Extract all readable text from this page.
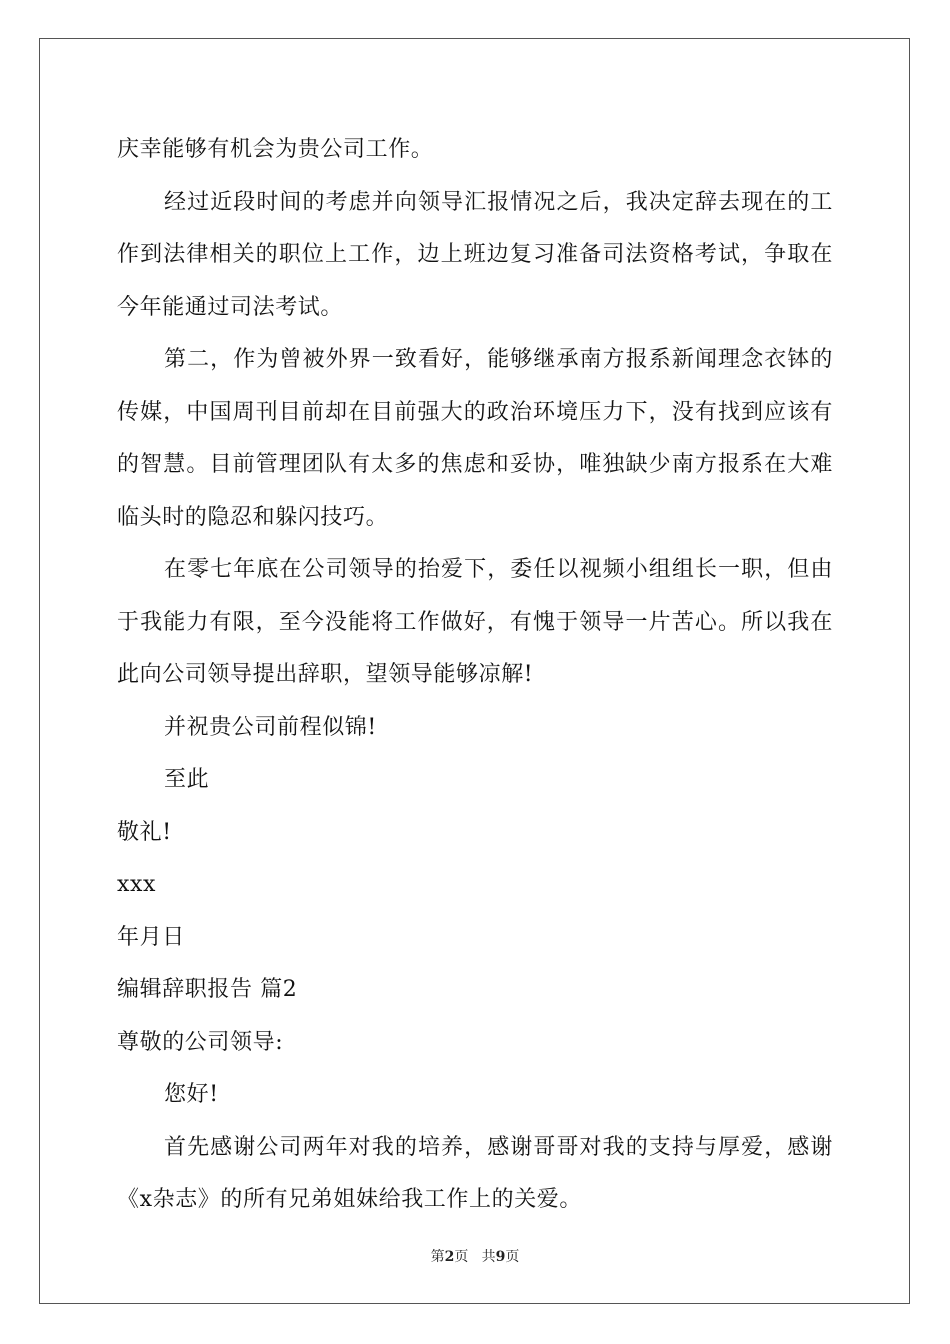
庆幸能够有机会为贵公司工作。

经过近段时间的考虑并向领导汇报情况之后，我决定辞去现在的工作到法律相关的职位上工作，边上班边复习准备司法资格考试，争取在今年能通过司法考试。

第二，作为曾被外界一致看好，能够继承南方报系新闻理念衣钵的传媒，中国周刊目前却在目前强大的政治环境压力下，没有找到应该有的智慧。目前管理团队有太多的焦虑和妥协，唯独缺少南方报系在大难临头时的隐忍和躲闪技巧。

在零七年底在公司领导的抬爱下，委任以视频小组组长一职，但由于我能力有限，至今没能将工作做好，有愧于领导一片苦心。所以我在此向公司领导提出辞职，望领导能够凉解!

并祝贵公司前程似锦!

至此

敬礼!

xxx

年月日

编辑辞职报告 篇2

尊敬的公司领导:

您好!

首先感谢公司两年对我的培养，感谢哥哥对我的支持与厚爱，感谢《x杂志》的所有兄弟姐妹给我工作上的关爱。

第2页 共9页
